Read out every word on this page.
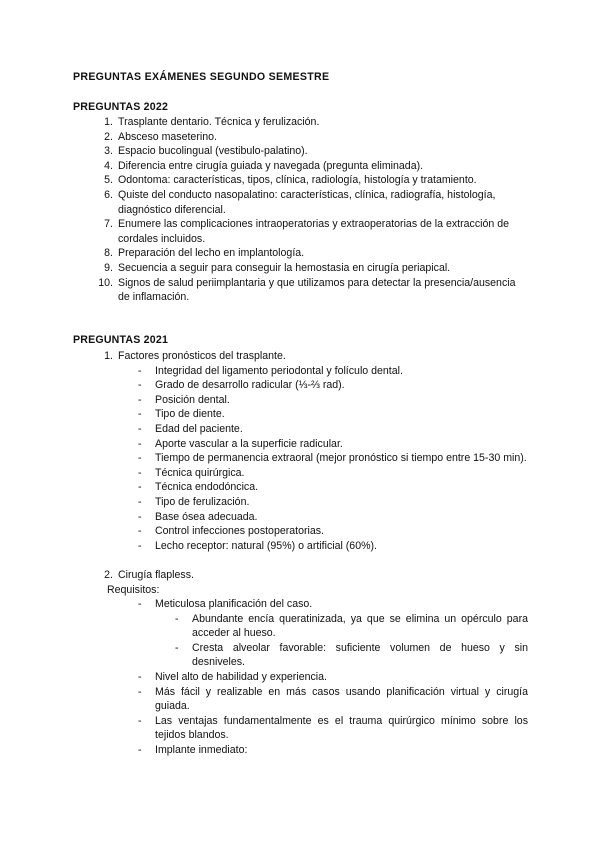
PREGUNTAS EXÁMENES SEGUNDO SEMESTRE
PREGUNTAS 2022
1. Trasplante dentario. Técnica y ferulización.
2. Absceso maseterino.
3. Espacio bucolingual (vestibulo-palatino).
4. Diferencia entre cirugía guiada y navegada (pregunta eliminada).
5. Odontoma: características, tipos, clínica, radiología, histología y tratamiento.
6. Quiste del conducto nasopalatino: características, clínica, radiografía, histología, diagnóstico diferencial.
7. Enumere las complicaciones intraoperatorias y extraoperatorias de la extracción de cordales incluidos.
8. Preparación del lecho en implantología.
9. Secuencia a seguir para conseguir la hemostasia en cirugía periapical.
10. Signos de salud periimplantaria y que utilizamos para detectar la presencia/ausencia de inflamación.
PREGUNTAS 2021
1. Factores pronósticos del trasplante.
- Integridad del ligamento periodontal y folículo dental.
- Grado de desarrollo radicular (⅓-⅔ rad).
- Posición dental.
- Tipo de diente.
- Edad del paciente.
- Aporte vascular a la superficie radicular.
- Tiempo de permanencia extraoral (mejor pronóstico si tiempo entre 15-30 min).
- Técnica quirúrgica.
- Técnica endodóncica.
- Tipo de ferulización.
- Base ósea adecuada.
- Control infecciones postoperatorias.
- Lecho receptor: natural (95%) o artificial (60%).
2. Cirugía flapless.
Requisitos:
- Meticulosa planificación del caso.
- Abundante encía queratinizada, ya que se elimina un opérculo para acceder al hueso.
- Cresta alveolar favorable: suficiente volumen de hueso y sin desniveles.
- Nivel alto de habilidad y experiencia.
- Más fácil y realizable en más casos usando planificación virtual y cirugía guiada.
- Las ventajas fundamentalmente es el trauma quirúrgico mínimo sobre los tejidos blandos.
- Implante inmediato:
